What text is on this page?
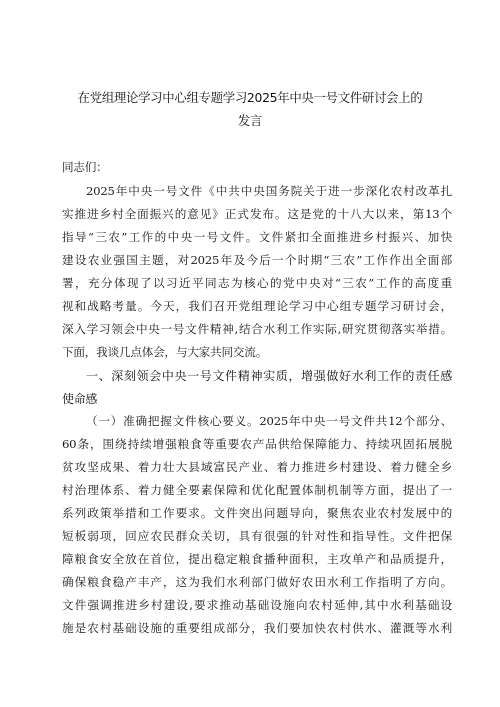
在党组理论学习中心组专题学习2025年中央一号文件研讨会上的
发言
同志们：
2025年中央一号文件《中共中央国务院关于进一步深化农村改革扎
实推进乡村全面振兴的意见》正式发布。这是党的十八大以来，第13个
指导“三农”工作的中央一号文件。文件紧扣全面推进乡村振兴、加快
建设农业强国主题，对2025年及今后一个时期“三农”工作作出全面部
署，充分体现了以习近平同志为核心的党中央对“三农”工作的高度重
视和战略考量。今天，我们召开党组理论学习中心组专题学习研讨会，
深入学习领会中央一号文件精神,结合水利工作实际,研究贯彻落实举措。
下面，我谈几点体会，与大家共同交流。
一、深刻领会中央一号文件精神实质，增强做好水利工作的责任感
使命感
（一）准确把握文件核心要义。2025年中央一号文件共12个部分、
60条，围绕持续增强粮食等重要农产品供给保障能力、持续巩固拓展脱
贫攻坚成果、着力壮大县域富民产业、着力推进乡村建设、着力健全乡
村治理体系、着力健全要素保障和优化配置体制机制等方面，提出了一
系列政策举措和工作要求。文件突出问题导向，聚焦农业农村发展中的
短板弱项，回应农民群众关切，具有很强的针对性和指导性。文件把保
障粮食安全放在首位，提出稳定粮食播种面积，主攻单产和品质提升，
确保粮食稳产丰产，这为我们水利部门做好农田水利工作指明了方向。
文件强调推进乡村建设,要求推动基础设施向农村延伸,其中水利基础设
施是农村基础设施的重要组成部分，我们要加快农村供水、灌溉等水利
